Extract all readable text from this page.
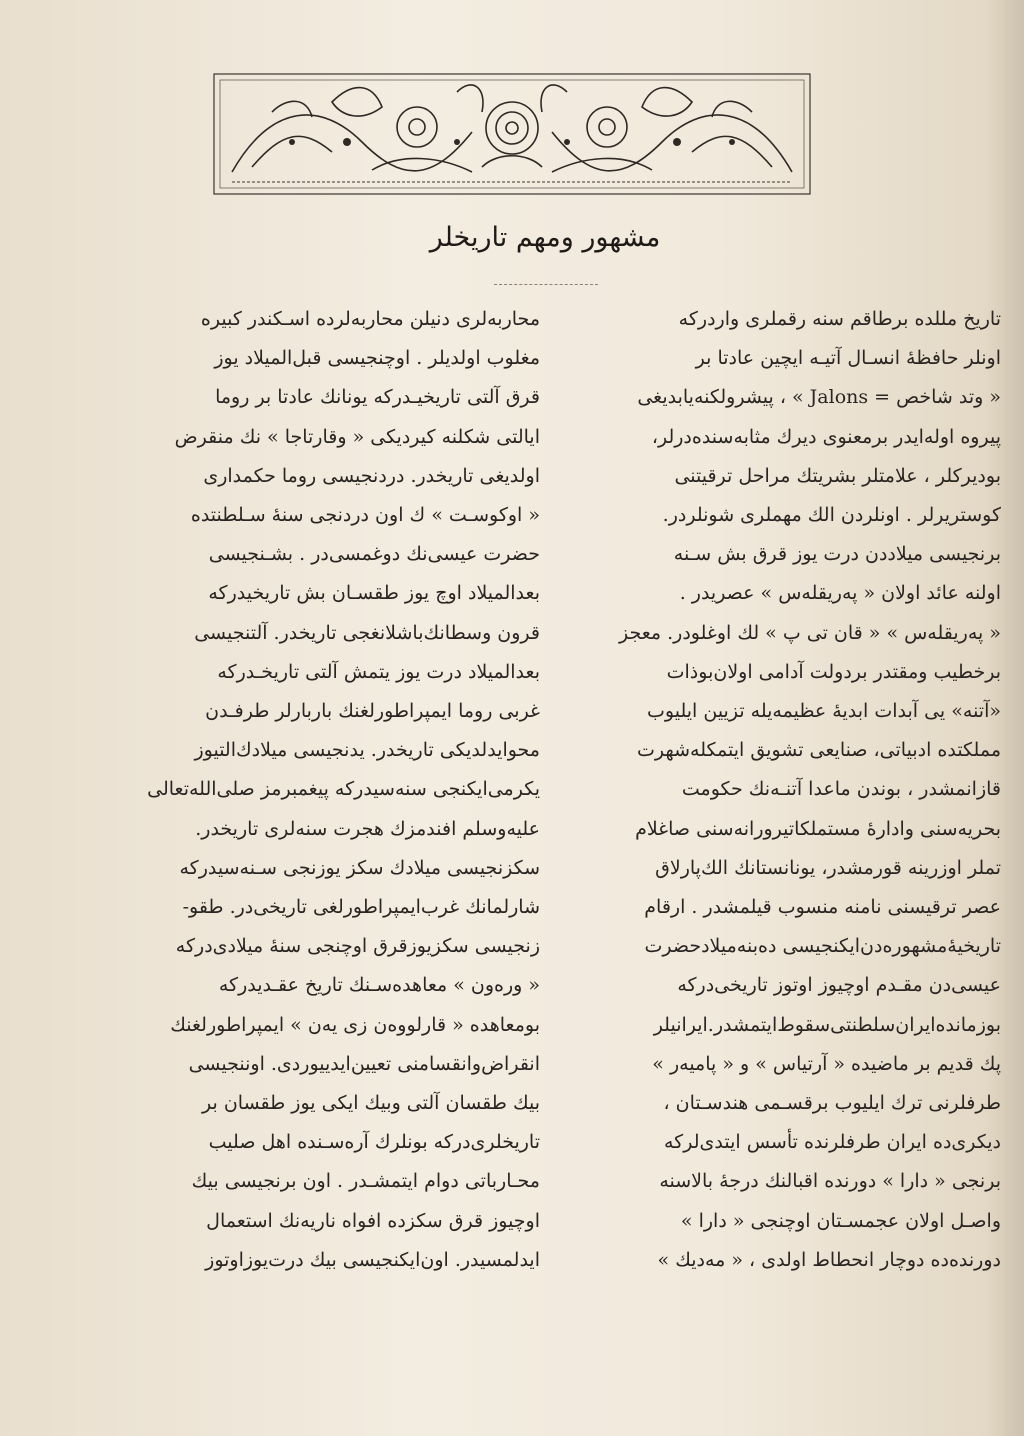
مشهور ومهم تاریخلر
تاریخ مللده برطاقم سنه رقملری واردرکه
اونلر حافظهٔ انسـال آتیـه ایچین عادتا بر
« وتد شاخص = Jalons » ، پیشرولکنه‌یابدیغی
پیروه اوله‌ایدر برمعنوی دیرك مثابه‌سنده‌درلر،
بودیرکلر ، علامتلر بشریتك مراحل ترقیتنی
کوستریرلر . اونلردن الك مهملری شونلردر.
برنجیسی میلاددن درت یوز قرق بش سـنه
اولنه عائد اولان « پەریقلەس » عصریدر .
« پەریقلەس » « قان تی پ » لك اوغلودر. معجز
برخطیب ومقتدر بردولت آدامی اولان‌بوذات
«آتنه» یی آبدات ابدیهٔ عظیمه‌یله تزیین ایلیوب
مملکتده ادبیاتی، صنایعی تشویق ایتمکله‌شهرت
قازانمشدر ، بوندن ماعدا آتنـه‌نك حکومت
بحریه‌سنی وادارهٔ مستملکاتیرورانه‌سنی صاغلام
تملر اوزرینه قورمشدر، یونانستانك الك‌پارلاق
عصر ترقیسنی نامنه منسوب قیلمشدر . ارقام
تاریخیهٔ‌مشهوره‌دن‌ایکنجیسی ده‌بنه‌میلاد‌حضرت
عیسی‌دن مقـدم اوچیوز اوتوز تاریخی‌درکه
بوزمانده‌ایران‌سلطنتی‌سقوط‌ایتمشدر.ایرانیلر
پك قدیم بر ماضیده « آرتیاس » و « پامیەر »
طرفلرنی ترك ایلیوب برقسـمی هندسـتان ،
دیکری‌ده ایران طرفلرنده تأسس ایتدی‌لرکه
برنجی « دارا » دورنده اقبالنك درجهٔ بالاسنه
واصـل اولان عجمسـتان اوچنجی « دارا »
دورنده‌ده دوچار انحطاط اولدی ، « مەدیك »
محاربه‌لری دنیلن محاربه‌لرده اسـکندر کبیره
مغلوب اولدیلر . اوچنجیسی قبل‌المیلاد یوز
قرق آلتی تاریخیـدرکه یونانك عادتا بر روما
ایالتی شکلنه کیردیکی « وقارتاجا » نك منقرض
اولدیغی تاریخدر. دردنجیسی روما حکمداری
« اوکوسـت » ك اون دردنجی سنهٔ سـلطنتده
حضرت عیسی‌نك دوغمسی‌در . بشـنجیسی
بعدالمیلاد اوچ یوز طقسـان بش تاریخیدرکه
قرون وسطانك‌باشلانغجی تاریخدر. آلتنجیسی
بعدالمیلاد درت یوز یتمش آلتی تاریخـدرکه
غربی روما ایمپراطورلغنك باربارلر طرفـدن
محوایدلدیکی تاریخدر. یدنجیسی میلادك‌التیوز
یکرمی‌ایکنجی سنه‌سیدرکه پیغمبرمز صلی‌الله‌تعالی
علیه‌وسلم افندمزك هجرت سنه‌لری تاریخدر.
سکزنجیسی میلادك سکز یوزنجی سـنه‌سیدرکه
شارلمانك غرب‌ایمپراطورلغی تاریخی‌در. طقو-
زنجیسی سکزیوزقرق اوچنجی سنهٔ میلادی‌درکه
« ورەون » معاهده‌سـنك تاریخ عقـدیدرکه
بومعاهده « قارلووەن زی یەن » ایمپراطورلغنك
انقراض‌وانقسامنی تعیین‌ایدییوردی. اوننجیسی
بیك طقسان آلتی وبیك ایکی یوز طقسان بر
تاریخلری‌درکه بونلرك آره‌سـنده اهل صلیب
محـارباتی دوام ایتمشـدر . اون برنجیسی بیك
اوچیوز قرق سکزده افواه ناریه‌نك استعمال
ایدلمسیدر. اون‌ایکنجیسی بیك درت‌یوزاوتوز
